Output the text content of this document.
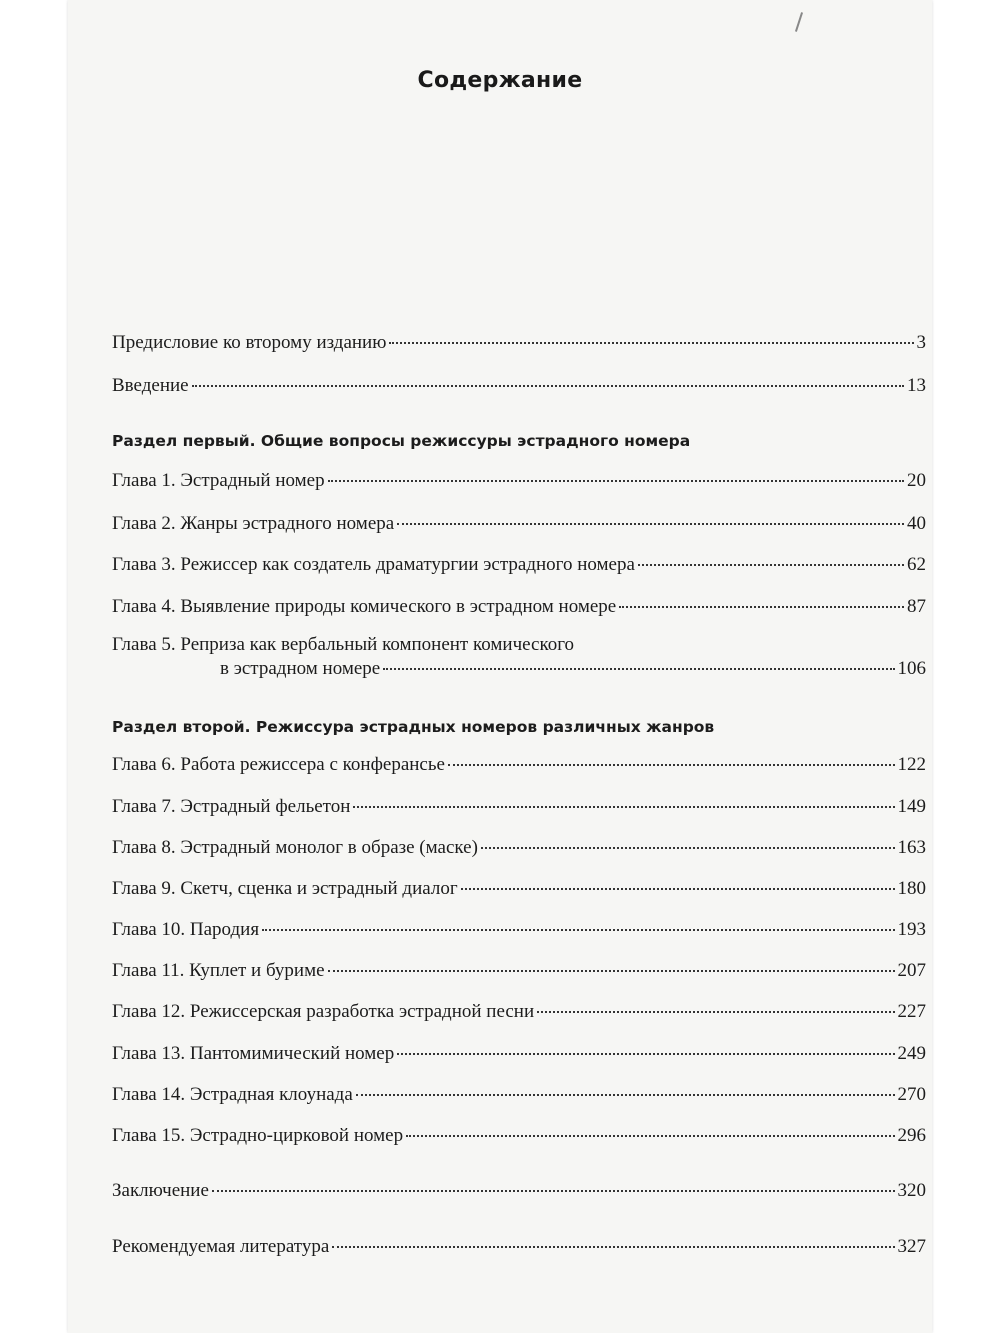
Содержание
Предисловие ко второму изданию	3
Введение	13
Раздел первый. Общие вопросы режиссуры эстрадного номера
Глава 1. Эстрадный номер	20
Глава 2. Жанры эстрадного номера	40
Глава 3. Режиссер как создатель драматургии эстрадного номера	62
Глава 4. Выявление природы комического в эстрадном номере	87
Глава 5. Реприза как вербальный компонент комического
в эстрадном номере	106
Раздел второй. Режиссура эстрадных номеров различных жанров
Глава 6. Работа режиссера с конферансье	122
Глава 7. Эстрадный фельетон	149
Глава 8. Эстрадный монолог в образе (маске)	163
Глава 9. Скетч, сценка и эстрадный диалог	180
Глава 10. Пародия	193
Глава 11. Куплет и буриме	207
Глава 12. Режиссерская разработка эстрадной песни	227
Глава 13. Пантомимический номер	249
Глава 14. Эстрадная клоунада	270
Глава 15. Эстрадно-цирковой номер	296
Заключение	320
Рекомендуемая литература	327
